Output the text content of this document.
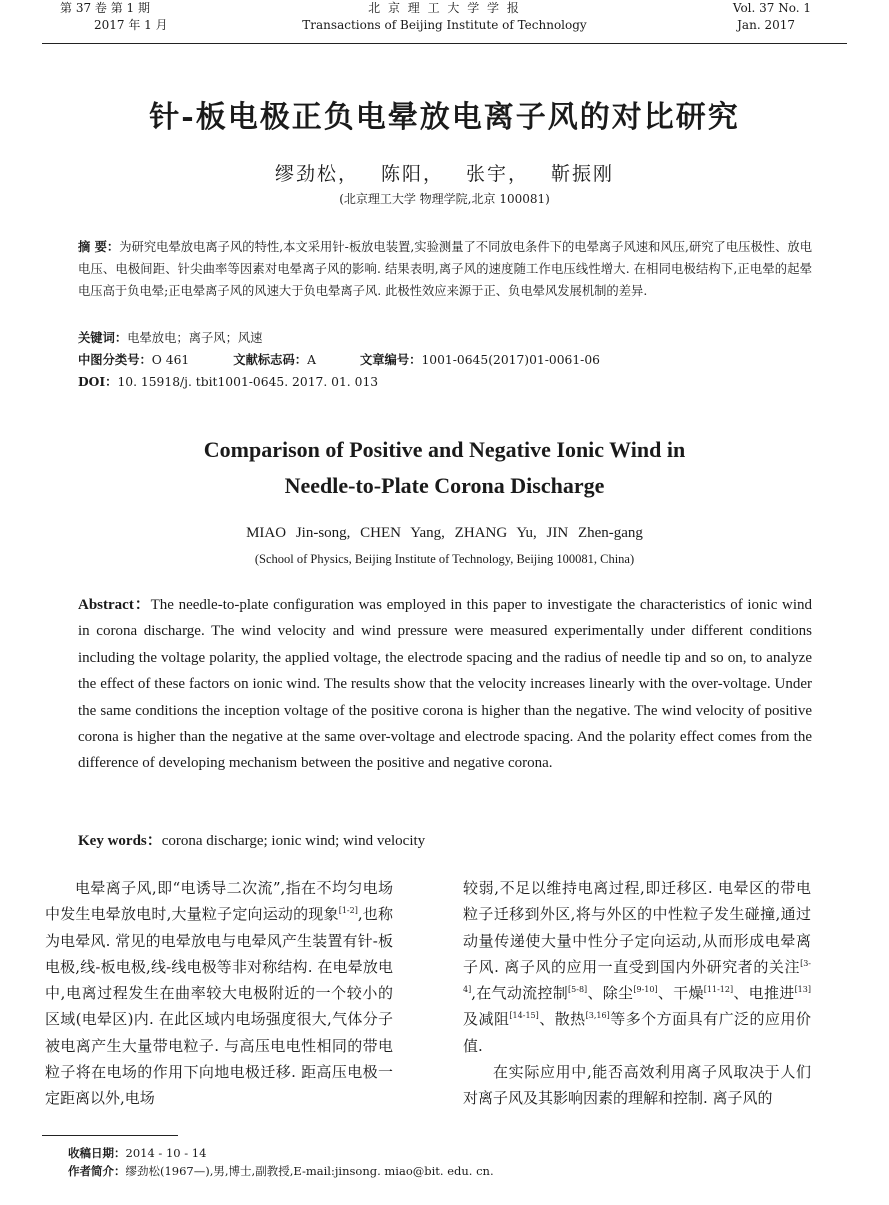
第 37 卷 第 1 期
2017 年 1 月
北 京 理 工 大 学 学 报
Transactions of Beijing Institute of Technology
Vol. 37 No. 1
Jan. 2017
针-板电极正负电晕放电离子风的对比研究
缪劲松， 陈阳， 张宇， 靳振刚
(北京理工大学 物理学院,北京 100081)
摘 要：为研究电晕放电离子风的特性,本文采用针-板放电装置,实验测量了不同放电条件下的电晕离子风速和风压,研究了电压极性、放电电压、电极间距、针尖曲率等因素对电晕离子风的影响. 结果表明,离子风的速度随工作电压线性增大. 在相同电极结构下,正电晕的起晕电压高于负电晕;正电晕离子风的风速大于负电晕离子风. 此极性效应来源于正、负电晕风发展机制的差异.
关键词：电晕放电；离子风；风速
中图分类号：O 461	文献标志码：A	文章编号：1001-0645(2017)01-0061-06
DOI：10. 15918/j. tbit1001-0645. 2017. 01. 013
Comparison of Positive and Negative Ionic Wind in
Needle-to-Plate Corona Discharge
MIAO Jin-song, CHEN Yang, ZHANG Yu, JIN Zhen-gang
(School of Physics, Beijing Institute of Technology, Beijing 100081, China)
Abstract：The needle-to-plate configuration was employed in this paper to investigate the characteristics of ionic wind in corona discharge. The wind velocity and wind pressure were measured experimentally under different conditions including the voltage polarity, the applied voltage, the electrode spacing and the radius of needle tip and so on, to analyze the effect of these factors on ionic wind. The results show that the velocity increases linearly with the over-voltage. Under the same conditions the inception voltage of the positive corona is higher than the negative. The wind velocity of positive corona is higher than the negative at the same over-voltage and electrode spacing. And the polarity effect comes from the difference of developing mechanism between the positive and negative corona.
Key words：corona discharge; ionic wind; wind velocity

电晕离子风,即“电诱导二次流”,指在不均匀电场中发生电晕放电时,大量粒子定向运动的现象[1-2],也称为电晕风. 常见的电晕放电与电晕风产生装置有针-板电极,线-板电极,线-线电极等非对称结构. 在电晕放电中,电离过程发生在曲率较大电极附近的一个较小的区域(电晕区)内. 在此区域内电场强度很大,气体分子被电离产生大量带电粒子. 与高压电电性相同的带电粒子将在电场的作用下向地电极迁移. 距高压电极一定距离以外,电场

较弱,不足以维持电离过程,即迁移区. 电晕区的带电粒子迁移到外区,将与外区的中性粒子发生碰撞,通过动量传递使大量中性分子定向运动,从而形成电晕离子风. 离子风的应用一直受到国内外研究者的关注[3-4],在气动流控制[5-8]、除尘[9-10]、干燥[11-12]、电推进[13]及减阻[14-15]、散热[3,16]等多个方面具有广泛的应用价值.

在实际应用中,能否高效利用离子风取决于人们对离子风及其影响因素的理解和控制. 离子风的

收稿日期：2014 - 10 - 14
作者简介：缪劲松(1967—),男,博士,副教授,E-mail:jinsong. miao@bit. edu. cn.
